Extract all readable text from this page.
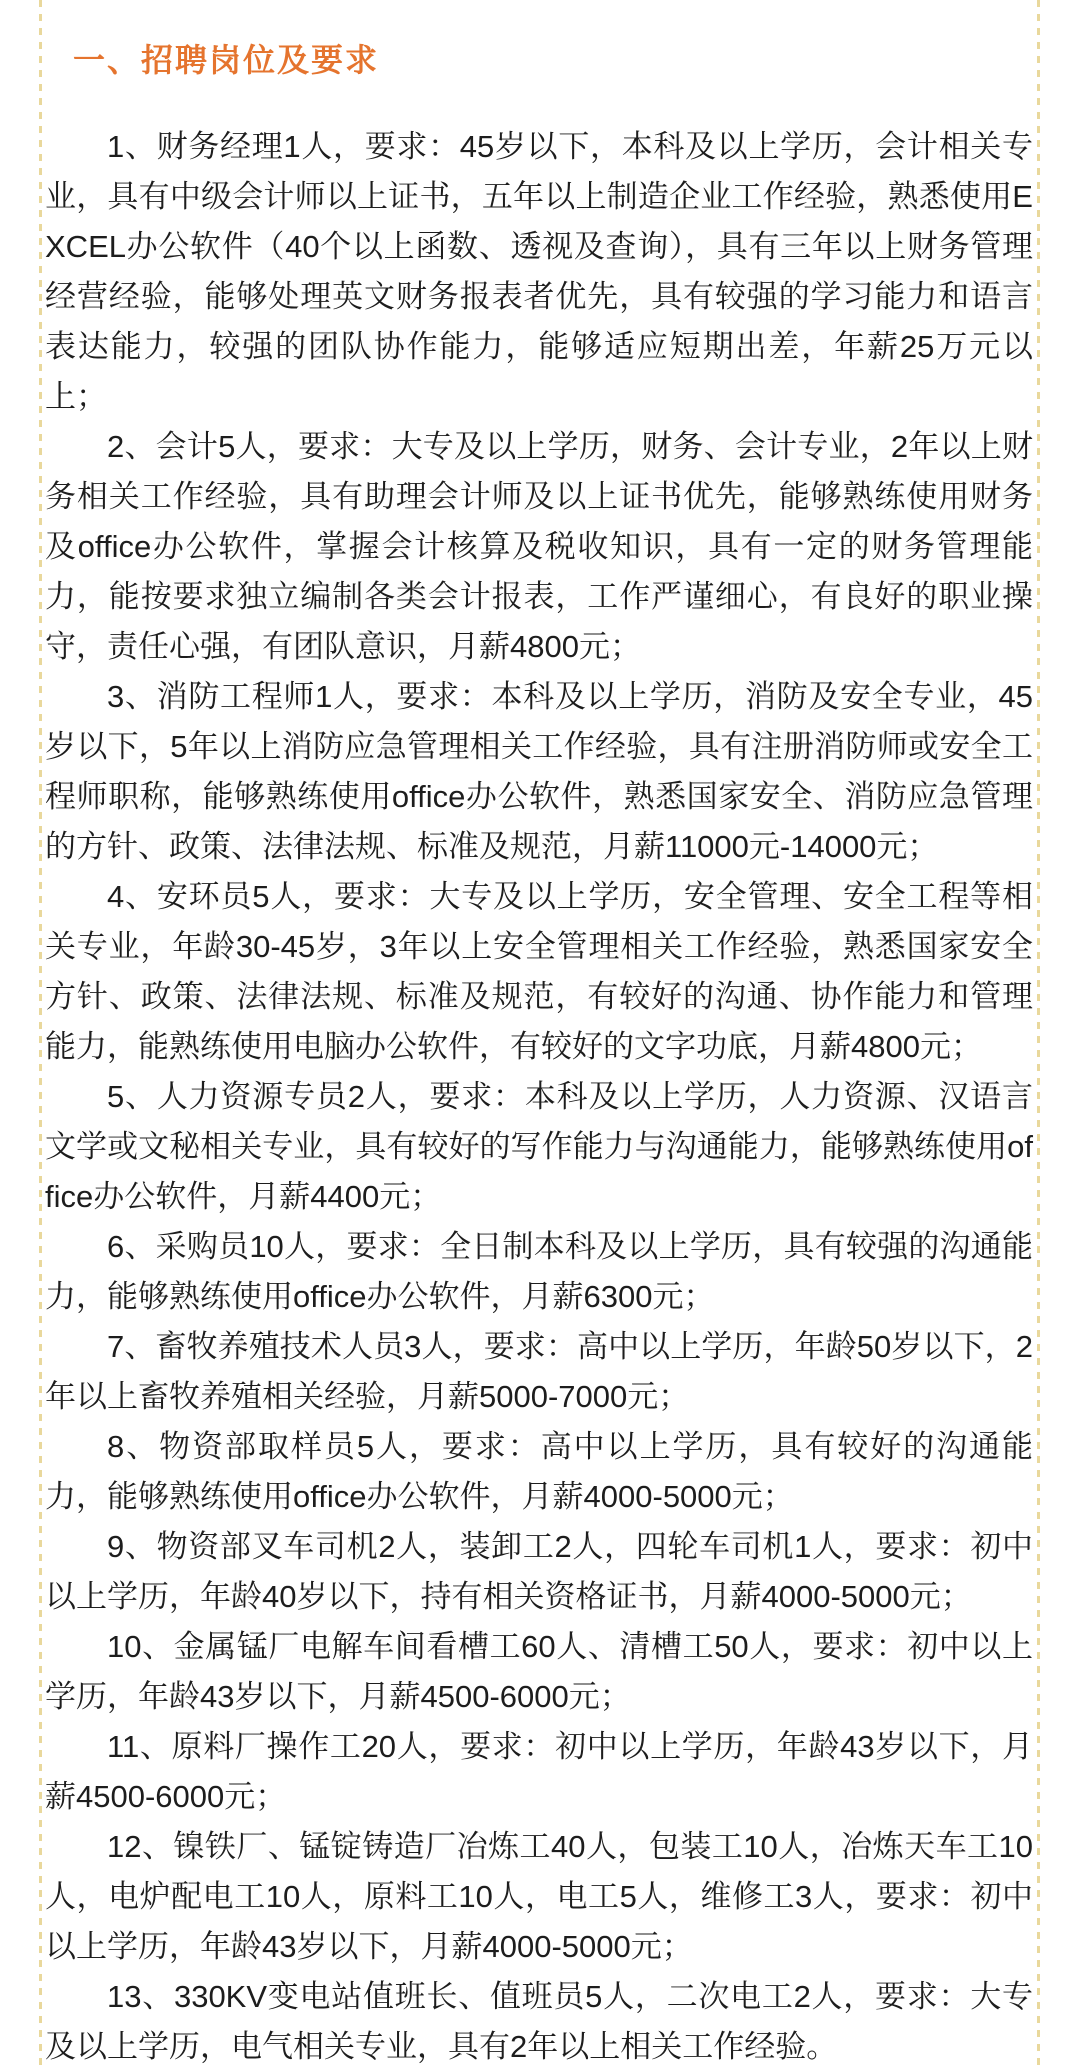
一、招聘岗位及要求

1、财务经理1人，要求：45岁以下，本科及以上学历，会计相关专业，具有中级会计师以上证书，五年以上制造企业工作经验，熟悉使用EXCEL办公软件（40个以上函数、透视及查询），具有三年以上财务管理经营经验，能够处理英文财务报表者优先，具有较强的学习能力和语言表达能力，较强的团队协作能力，能够适应短期出差，年薪25万元以上；

2、会计5人，要求：大专及以上学历，财务、会计专业，2年以上财务相关工作经验，具有助理会计师及以上证书优先，能够熟练使用财务及office办公软件，掌握会计核算及税收知识，具有一定的财务管理能力，能按要求独立编制各类会计报表，工作严谨细心，有良好的职业操守，责任心强，有团队意识，月薪4800元；

3、消防工程师1人，要求：本科及以上学历，消防及安全专业，45岁以下，5年以上消防应急管理相关工作经验，具有注册消防师或安全工程师职称，能够熟练使用office办公软件，熟悉国家安全、消防应急管理的方针、政策、法律法规、标准及规范，月薪11000元-14000元；

4、安环员5人，要求：大专及以上学历，安全管理、安全工程等相关专业，年龄30-45岁，3年以上安全管理相关工作经验，熟悉国家安全方针、政策、法律法规、标准及规范，有较好的沟通、协作能力和管理能力，能熟练使用电脑办公软件，有较好的文字功底，月薪4800元；

5、人力资源专员2人，要求：本科及以上学历，人力资源、汉语言文学或文秘相关专业，具有较好的写作能力与沟通能力，能够熟练使用office办公软件，月薪4400元；

6、采购员10人，要求：全日制本科及以上学历，具有较强的沟通能力，能够熟练使用office办公软件，月薪6300元；

7、畜牧养殖技术人员3人，要求：高中以上学历，年龄50岁以下，2年以上畜牧养殖相关经验，月薪5000-7000元；

8、物资部取样员5人，要求：高中以上学历，具有较好的沟通能力，能够熟练使用office办公软件，月薪4000-5000元；

9、物资部叉车司机2人，装卸工2人，四轮车司机1人，要求：初中以上学历，年龄40岁以下，持有相关资格证书，月薪4000-5000元；

10、金属锰厂电解车间看槽工60人、清槽工50人，要求：初中以上学历，年龄43岁以下，月薪4500-6000元；

11、原料厂操作工20人，要求：初中以上学历，年龄43岁以下，月薪4500-6000元；

12、镍铁厂、锰锭铸造厂冶炼工40人，包装工10人，冶炼天车工10人，电炉配电工10人，原料工10人，电工5人，维修工3人，要求：初中以上学历，年龄43岁以下，月薪4000-5000元；

13、330KV变电站值班长、值班员5人，二次电工2人，要求：大专及以上学历，电气相关专业，具有2年以上相关工作经验。
